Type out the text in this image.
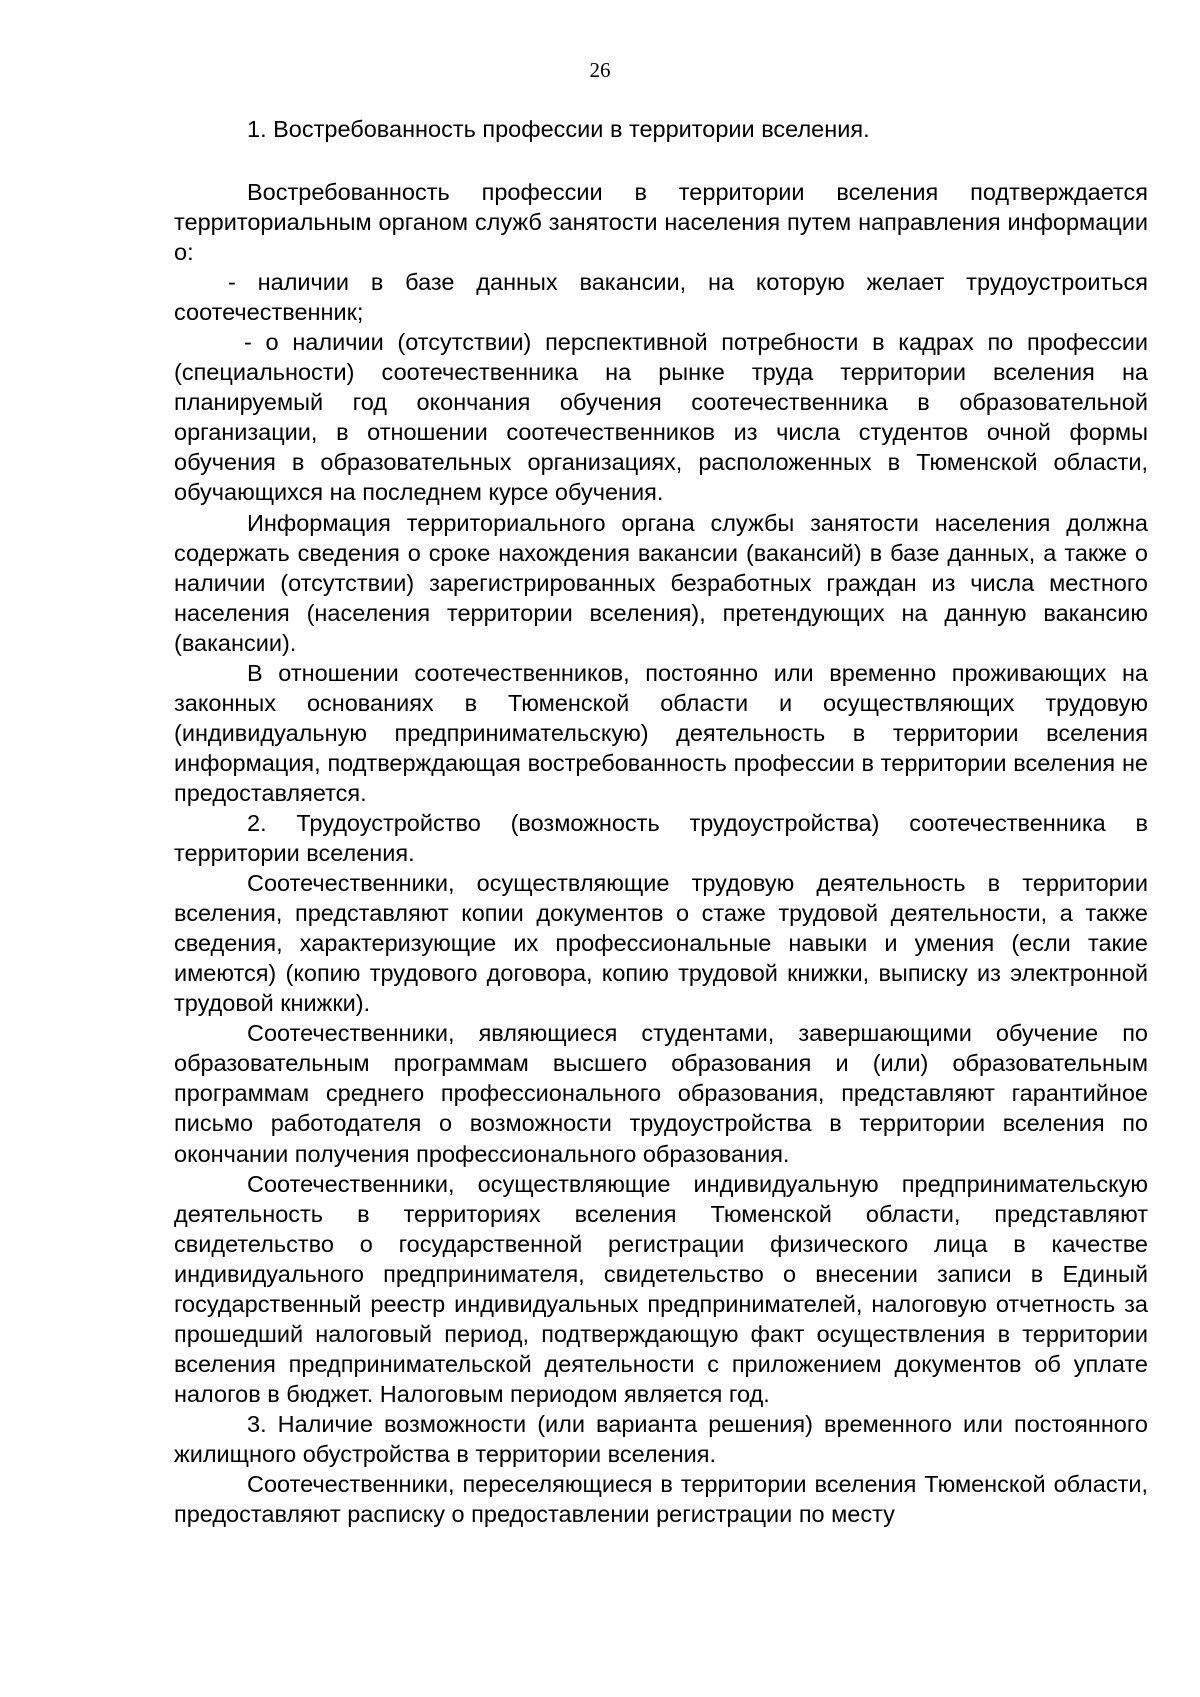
26
1. Востребованность профессии в территории вселения.

Востребованность профессии в территории вселения подтверждается территориальным органом служб занятости населения путем направления информации о:

- наличии в базе данных вакансии, на которую желает трудоустроиться соотечественник;

- о наличии (отсутствии) перспективной потребности в кадрах по профессии (специальности) соотечественника на рынке труда территории вселения на планируемый год окончания обучения соотечественника в образовательной организации, в отношении соотечественников из числа студентов очной формы обучения в образовательных организациях, расположенных в Тюменской области, обучающихся на последнем курсе обучения.

Информация территориального органа службы занятости населения должна содержать сведения о сроке нахождения вакансии (вакансий) в базе данных, а также о наличии (отсутствии) зарегистрированных безработных граждан из числа местного населения (населения территории вселения), претендующих на данную вакансию (вакансии).

В отношении соотечественников, постоянно или временно проживающих на законных основаниях в Тюменской области и осуществляющих трудовую (индивидуальную предпринимательскую) деятельность в территории вселения информация, подтверждающая востребованность профессии в территории вселения не предоставляется.

2. Трудоустройство (возможность трудоустройства) соотечественника в территории вселения.

Соотечественники, осуществляющие трудовую деятельность в территории вселения, представляют копии документов о стаже трудовой деятельности, а также сведения, характеризующие их профессиональные навыки и умения (если такие имеются) (копию трудового договора, копию трудовой книжки, выписку из электронной трудовой книжки).

Соотечественники, являющиеся студентами, завершающими обучение по образовательным программам высшего образования и (или) образовательным программам среднего профессионального образования, представляют гарантийное письмо работодателя о возможности трудоустройства в территории вселения по окончании получения профессионального образования.

Соотечественники, осуществляющие индивидуальную предпринимательскую деятельность в территориях вселения Тюменской области, представляют свидетельство о государственной регистрации физического лица в качестве индивидуального предпринимателя, свидетельство о внесении записи в Единый государственный реестр индивидуальных предпринимателей, налоговую отчетность за прошедший налоговый период, подтверждающую факт осуществления в территории вселения предпринимательской деятельности с приложением документов об уплате налогов в бюджет. Налоговым периодом является год.

3. Наличие возможности (или варианта решения) временного или постоянного жилищного обустройства в территории вселения.

Соотечественники, переселяющиеся в территории вселения Тюменской области, предоставляют расписку о предоставлении регистрации по месту
